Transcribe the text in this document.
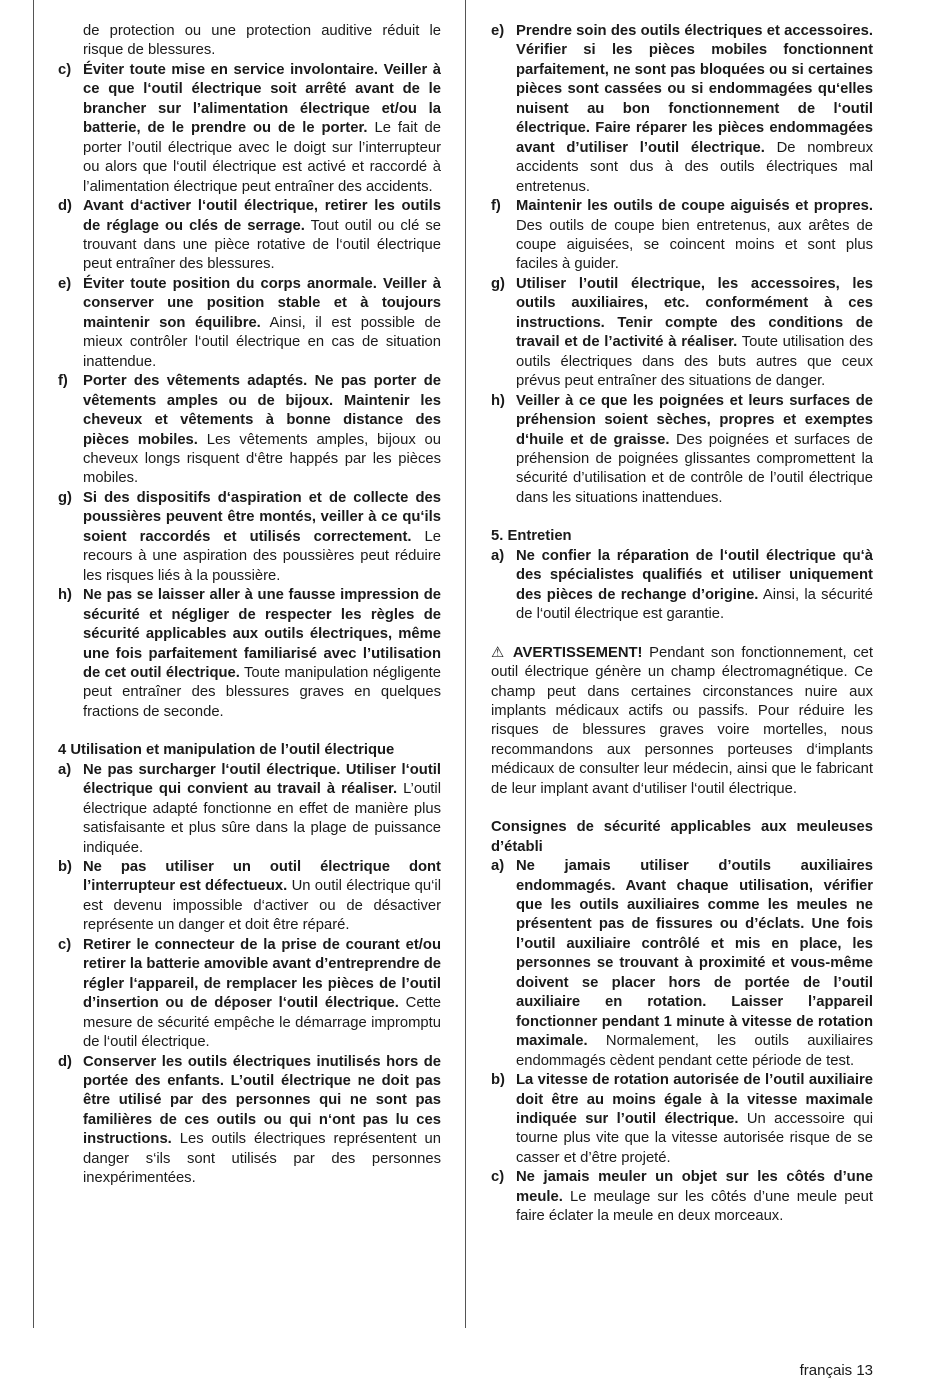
de protection ou une protection auditive réduit le risque de blessures.
c) Éviter toute mise en service involontaire. Veiller à ce que l‘outil électrique soit arrêté avant de le brancher sur l’alimentation électrique et/ou la batterie, de le prendre ou de le porter. Le fait de porter l’outil électrique avec le doigt sur l’interrupteur ou alors que l‘outil électrique est activé et raccordé à l’alimentation électrique peut entraîner des accidents.
d) Avant d‘activer l‘outil électrique, retirer les outils de réglage ou clés de serrage. Tout outil ou clé se trouvant dans une pièce rotative de l‘outil électrique peut entraîner des blessures.
e) Éviter toute position du corps anormale. Veiller à conserver une position stable et à toujours maintenir son équilibre. Ainsi, il est possible de mieux contrôler l‘outil électrique en cas de situation inattendue.
f) Porter des vêtements adaptés. Ne pas porter de vêtements amples ou de bijoux. Maintenir les cheveux et vêtements à bonne distance des pièces mobiles. Les vêtements amples, bijoux ou cheveux longs risquent d‘être happés par les pièces mobiles.
g) Si des dispositifs d‘aspiration et de collecte des poussières peuvent être montés, veiller à ce qu‘ils soient raccordés et utilisés correctement. Le recours à une aspiration des poussières peut réduire les risques liés à la poussière.
h) Ne pas se laisser aller à une fausse impression de sécurité et négliger de respecter les règles de sécurité applicables aux outils électriques, même une fois parfaitement familiarisé avec l’utilisation de cet outil électrique. Toute manipulation négligente peut entraîner des blessures graves en quelques fractions de seconde.
4 Utilisation et manipulation de l’outil électrique
a) Ne pas surcharger l‘outil électrique. Utiliser l‘outil électrique qui convient au travail à réaliser. L’outil électrique adapté fonctionne en effet de manière plus satisfaisante et plus sûre dans la plage de puissance indiquée.
b) Ne pas utiliser un outil électrique dont l’interrupteur est défectueux. Un outil électrique qu‘il est devenu impossible d‘activer ou de désactiver représente un danger et doit être réparé.
c) Retirer le connecteur de la prise de courant et/ou retirer la batterie amovible avant d’entreprendre de régler l‘appareil, de remplacer les pièces de l’outil d’insertion ou de déposer l‘outil électrique. Cette mesure de sécurité empêche le démarrage impromptu de l‘outil électrique.
d) Conserver les outils électriques inutilisés hors de portée des enfants. L’outil électrique ne doit pas être utilisé par des personnes qui ne sont pas familières de ces outils ou qui n‘ont pas lu ces instructions. Les outils électriques représentent un danger s‘ils sont utilisés par des personnes inexpérimentées.
e) Prendre soin des outils électriques et accessoires. Vérifier si les pièces mobiles fonctionnent parfaitement, ne sont pas bloquées ou si certaines pièces sont cassées ou si endommagées qu‘elles nuisent au bon fonctionnement de l‘outil électrique. Faire réparer les pièces endommagées avant d’utiliser l’outil électrique. De nombreux accidents sont dus à des outils électriques mal entretenus.
f) Maintenir les outils de coupe aiguisés et propres. Des outils de coupe bien entretenus, aux arêtes de coupe aiguisées, se coincent moins et sont plus faciles à guider.
g) Utiliser l’outil électrique, les accessoires, les outils auxiliaires, etc. conformément à ces instructions. Tenir compte des conditions de travail et de l’activité à réaliser. Toute utilisation des outils électriques dans des buts autres que ceux prévus peut entraîner des situations de danger.
h) Veiller à ce que les poignées et leurs surfaces de préhension soient sèches, propres et exemptes d‘huile et de graisse. Des poignées et surfaces de préhension de poignées glissantes compromettent la sécurité d’utilisation et de contrôle de l’outil électrique dans les situations inattendues.
5. Entretien
a) Ne confier la réparation de l‘outil électrique qu‘à des spécialistes qualifiés et utiliser uniquement des pièces de rechange d’origine. Ainsi, la sécurité de l‘outil électrique est garantie.
⚠ AVERTISSEMENT! Pendant son fonctionnement, cet outil électrique génère un champ électromagnétique. Ce champ peut dans certaines circonstances nuire aux implants médicaux actifs ou passifs. Pour réduire les risques de blessures graves voire mortelles, nous recommandons aux personnes porteuses d‘implants médicaux de consulter leur médecin, ainsi que le fabricant de leur implant avant d‘utiliser l‘outil électrique.
Consignes de sécurité applicables aux meuleuses d’établi
a) Ne jamais utiliser d’outils auxiliaires endommagés. Avant chaque utilisation, vérifier que les outils auxiliaires comme les meules ne présentent pas de fissures ou d’éclats. Une fois l’outil auxiliaire contrôlé et mis en place, les personnes se trouvant à proximité et vous-même doivent se placer hors de portée de l’outil auxiliaire en rotation. Laisser l’appareil fonctionner pendant 1 minute à vitesse de rotation maximale. Normalement, les outils auxiliaires endommagés cèdent pendant cette période de test.
b) La vitesse de rotation autorisée de l’outil auxiliaire doit être au moins égale à la vitesse maximale indiquée sur l’outil électrique. Un accessoire qui tourne plus vite que la vitesse autorisée risque de se casser et d’être projeté.
c) Ne jamais meuler un objet sur les côtés d’une meule. Le meulage sur les côtés d’une meule peut faire éclater la meule en deux morceaux.
français 13
